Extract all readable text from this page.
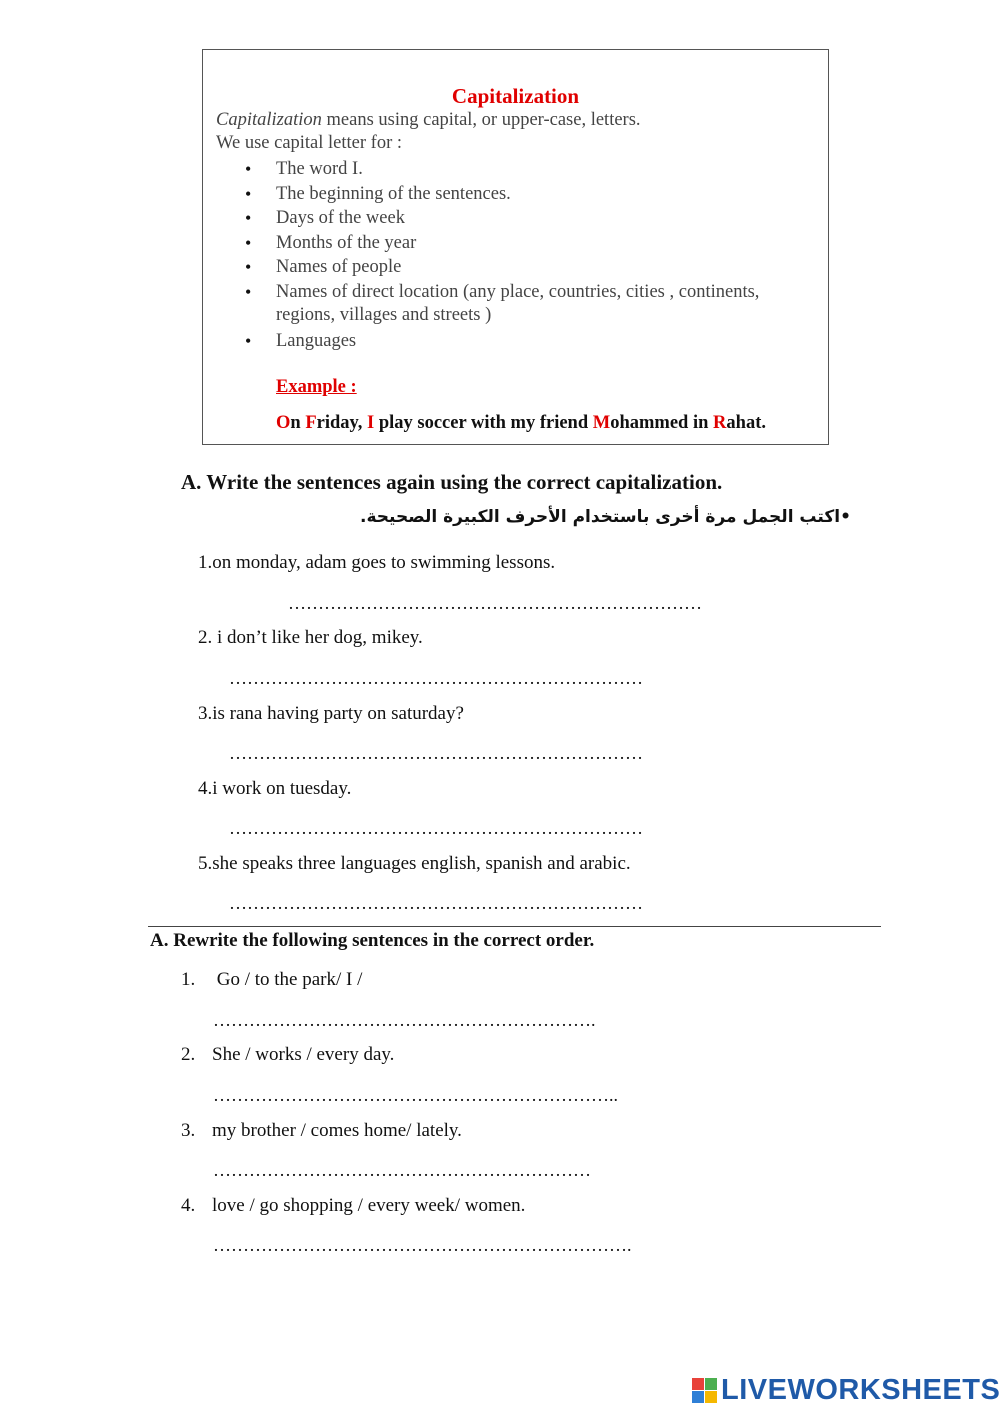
Capitalization
Capitalization means using capital, or upper-case, letters.
We use capital letter for :
• The word I.
• The beginning of the sentences.
• Days of the week
• Months of the year
• Names of people
• Names of direct location (any place, countries, cities , continents, regions, villages and streets )
• Languages
Example :
On Friday, I play soccer with my friend Mohammed in Rahat.
A. Write the sentences again using the correct capitalization.
•اكتب الجمل مرة أخرى باستخدام الأحرف الكبيرة الصحيحة.
1.on monday, adam goes to swimming lessons.
……………………………………………………………
2. i don’t like her dog, mikey.
……………………………………………………………
3.is rana having party on saturday?
……………………………………………………………
4.i work on tuesday.
……………………………………………………………
5.she speaks three languages english, spanish and arabic.
……………………………………………………………
A. Rewrite the following sentences in the correct order.
1. Go / to the park/ I /
……………………………………………………….
2. She / works / every day.
…………………………………………………………..
3. my brother / comes home/ lately.
………………………………………………………
4. love / go shopping / every week/ women.
…………………………………………………………….
LIVEWORKSHEETS
